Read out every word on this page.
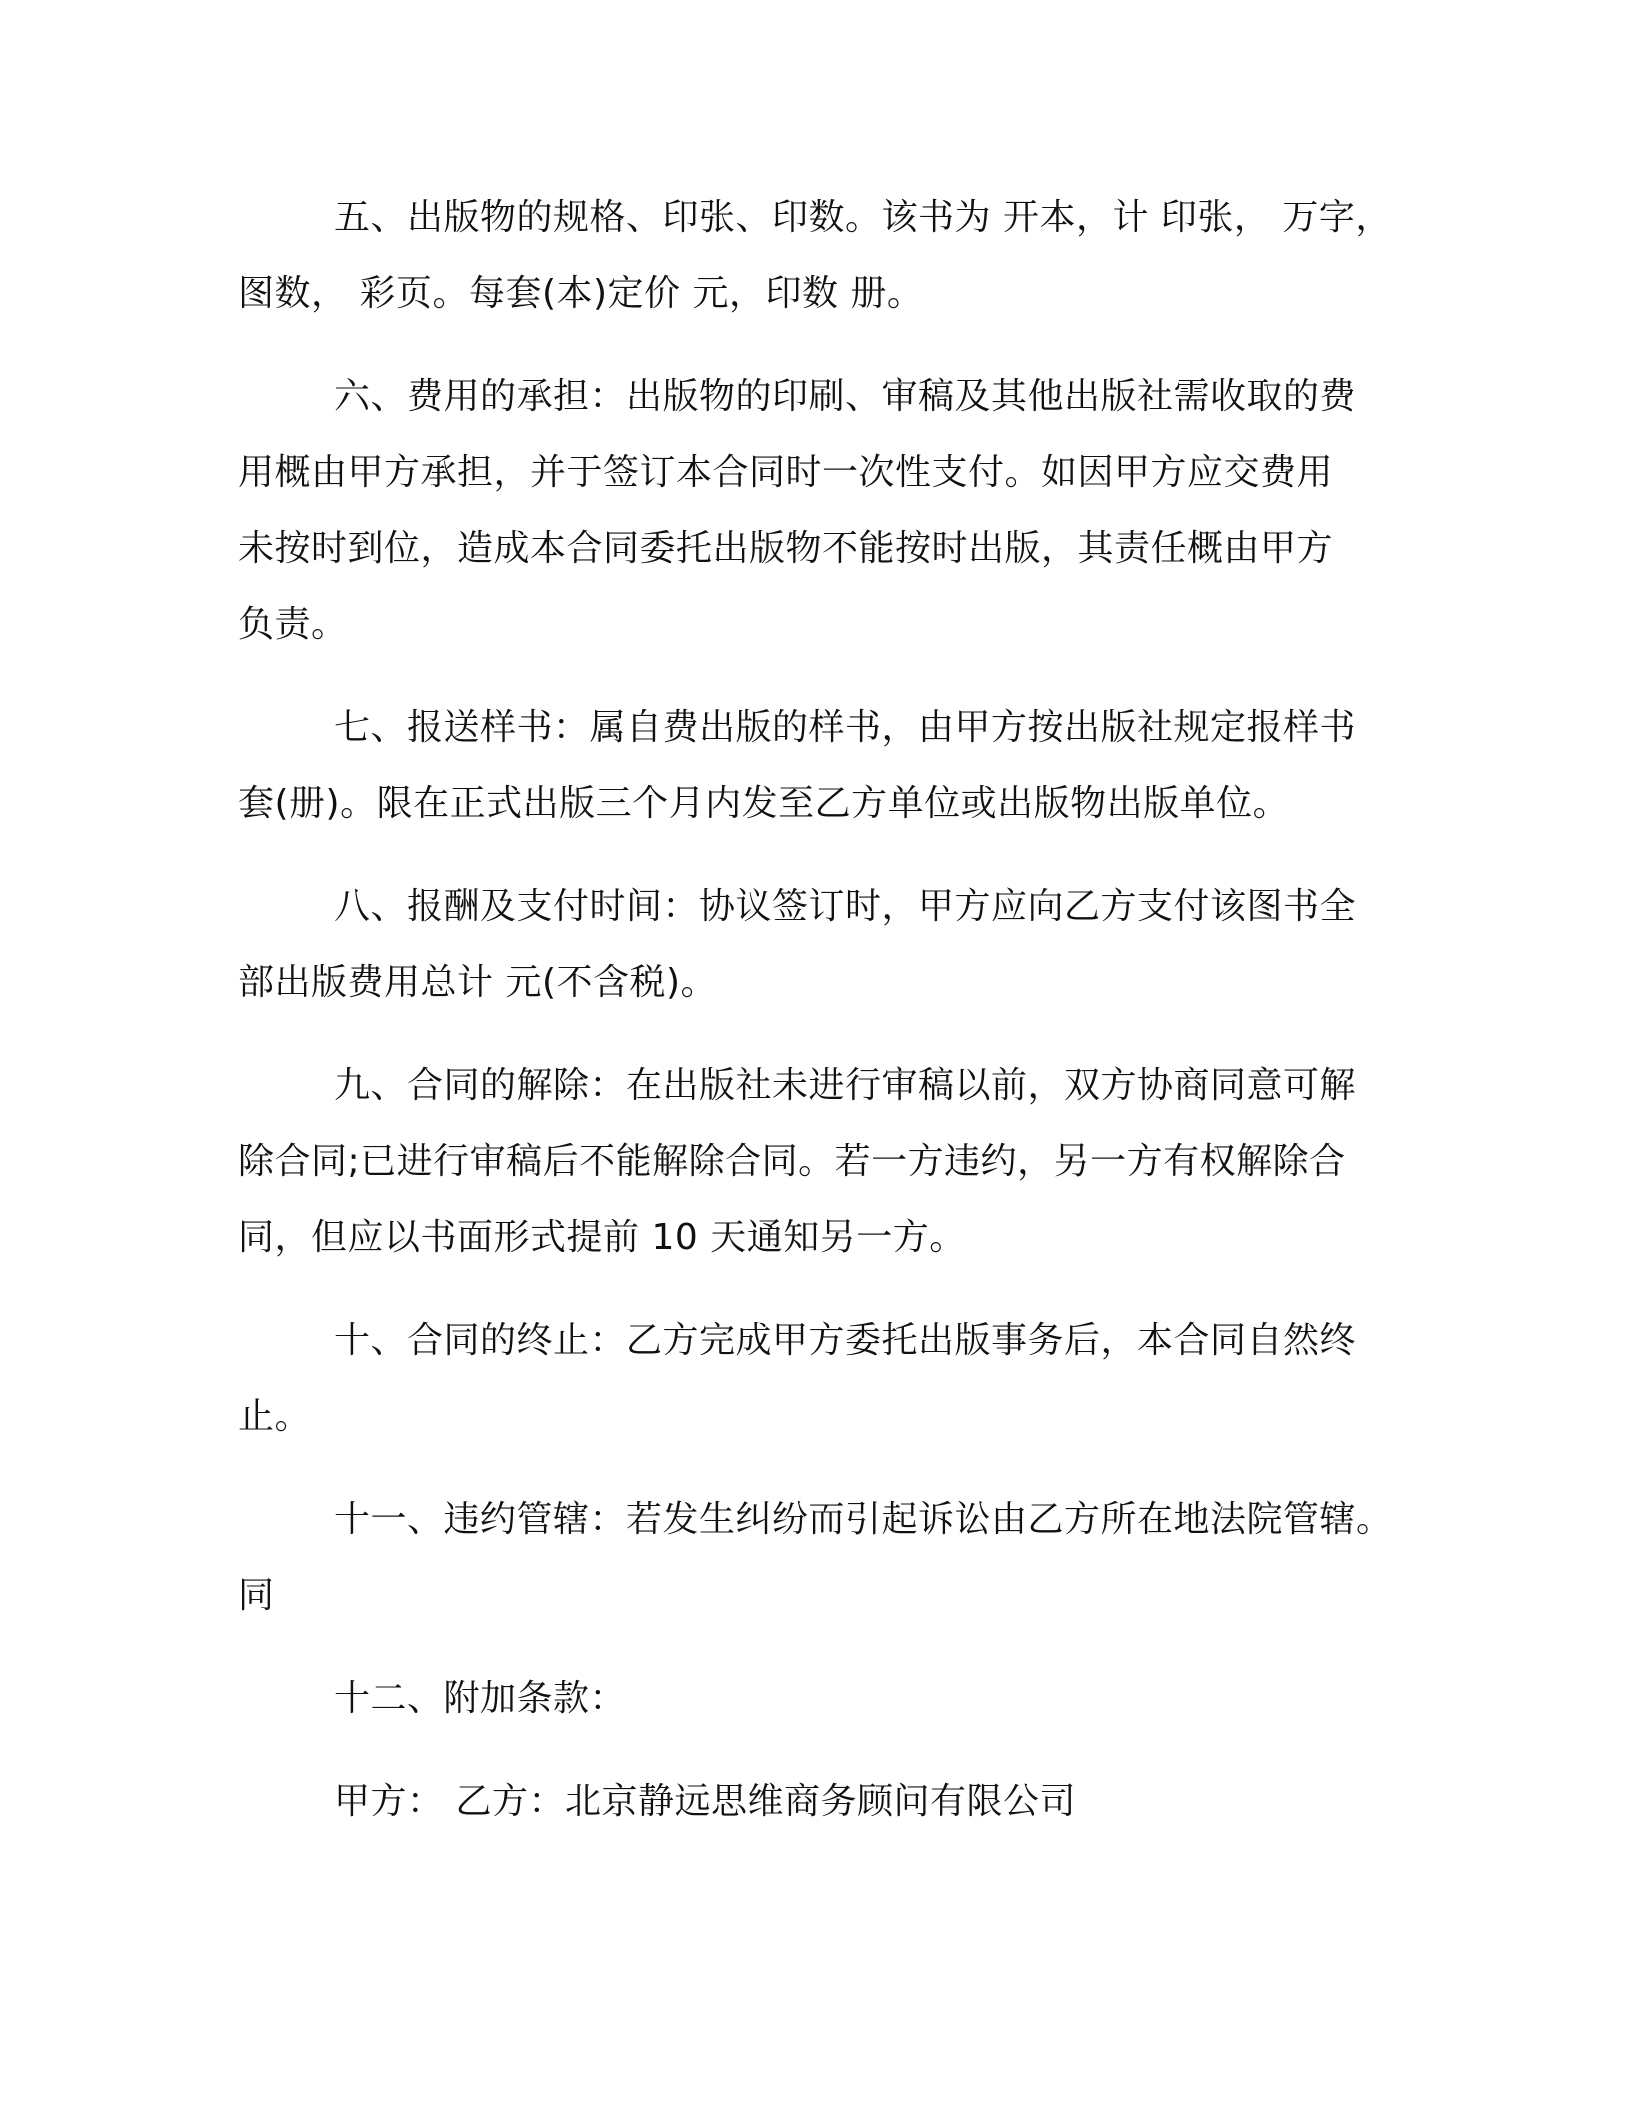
五、出版物的规格、印张、印数。该书为 开本，计 印张， 万字，
图数， 彩页。每套(本)定价 元，印数 册。
六、费用的承担：出版物的印刷、审稿及其他出版社需收取的费
用概由甲方承担，并于签订本合同时一次性支付。如因甲方应交费用
未按时到位，造成本合同委托出版物不能按时出版，其责任概由甲方
负责。
七、报送样书：属自费出版的样书，由甲方按出版社规定报样书
套(册)。限在正式出版三个月内发至乙方单位或出版物出版单位。
八、报酬及支付时间：协议签订时，甲方应向乙方支付该图书全
部出版费用总计 元(不含税)。
九、合同的解除：在出版社未进行审稿以前，双方协商同意可解
除合同;已进行审稿后不能解除合同。若一方违约，另一方有权解除合
同，但应以书面形式提前 10 天通知另一方。
十、合同的终止：乙方完成甲方委托出版事务后，本合同自然终
止。
十一、违约管辖：若发生纠纷而引起诉讼由乙方所在地法院管辖。
同
十二、附加条款：
甲方： 乙方：北京静远思维商务顾问有限公司
